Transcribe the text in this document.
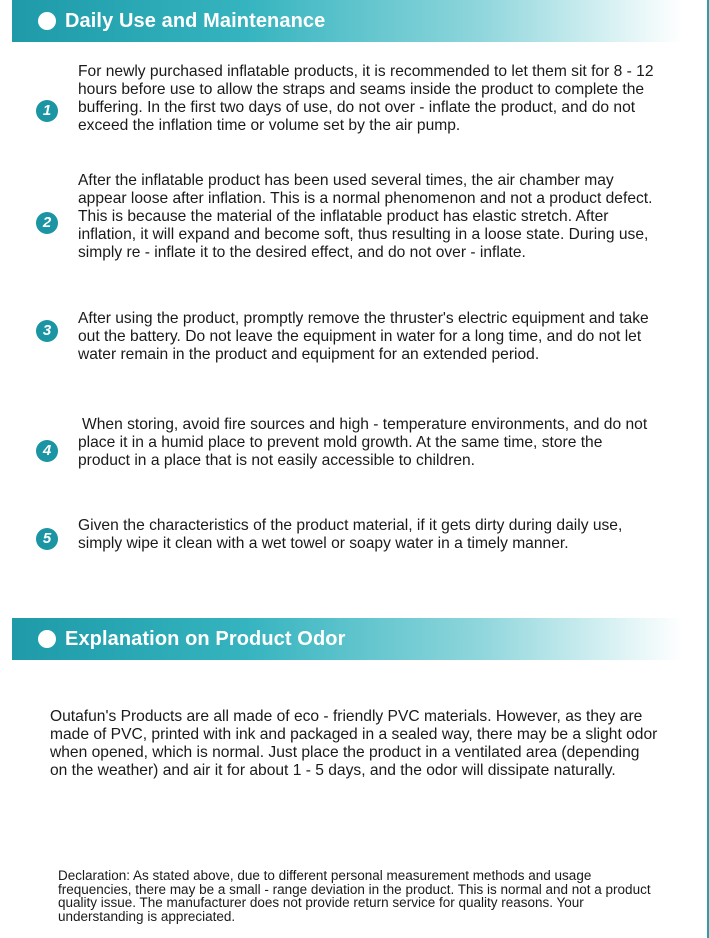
Daily Use and Maintenance
1

For newly purchased inflatable products, it is recommended to let them sit for 8 - 12 hours before use to allow the straps and seams inside the product to complete the buffering. In the first two days of use, do not over - inflate the product, and do not exceed the inflation time or volume set by the air pump.

2

After the inflatable product has been used several times, the air chamber may appear loose after inflation. This is a normal phenomenon and not a product defect. This is because the material of the inflatable product has elastic stretch. After inflation, it will expand and become soft, thus resulting in a loose state. During use, simply re - inflate it to the desired effect, and do not over - inflate.

3

After using the product, promptly remove the thruster's electric equipment and take out the battery. Do not leave the equipment in water for a long time, and do not let water remain in the product and equipment for an extended period.

4

When storing, avoid fire sources and high - temperature environments, and do not place it in a humid place to prevent mold growth. At the same time, store the product in a place that is not easily accessible to children.

5

Given the characteristics of the product material, if it gets dirty during daily use, simply wipe it clean with a wet towel or soapy water in a timely manner.

Explanation on Product Odor

Outafun's Products are all made of eco - friendly PVC materials. However, as they are made of PVC, printed with ink and packaged in a sealed way, there may be a slight odor when opened, which is normal. Just place the product in a ventilated area (depending on the weather) and air it for about 1 - 5 days, and the odor will dissipate naturally.

Declaration: As stated above, due to different personal measurement methods and usage frequencies, there may be a small - range deviation in the product. This is normal and not a product quality issue. The manufacturer does not provide return service for quality reasons. Your understanding is appreciated.
